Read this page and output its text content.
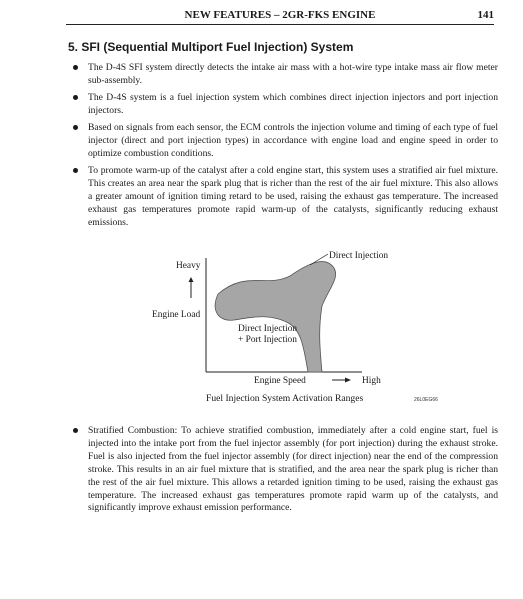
NEW FEATURES – 2GR-FKS ENGINE	141
5. SFI (Sequential Multiport Fuel Injection) System
The D-4S SFI system directly detects the intake air mass with a hot-wire type intake mass air flow meter sub-assembly.
The D-4S system is a fuel injection system which combines direct injection injectors and port injection injectors.
Based on signals from each sensor, the ECM controls the injection volume and timing of each type of fuel injector (direct and port injection types) in accordance with engine load and engine speed in order to optimize combustion conditions.
To promote warm-up of the catalyst after a cold engine start, this system uses a stratified air fuel mixture. This creates an area near the spark plug that is richer than the rest of the air fuel mixture. This also allows a greater amount of ignition timing retard to be used, raising the exhaust gas temperature. The increased exhaust gas temperatures promote rapid warm-up of the catalysts, significantly reducing exhaust emissions.
Direct Injection
Heavy
Engine Load
Direct Injection
+ Port Injection
Engine Speed	High
Fuel Injection System Activation Ranges	26L0EG66
Stratified Combustion: To achieve stratified combustion, immediately after a cold engine start, fuel is injected into the intake port from the fuel injector assembly (for port injection) during the exhaust stroke. Fuel is also injected from the fuel injector assembly (for direct injection) near the end of the compression stroke. This results in an air fuel mixture that is stratified, and the area near the spark plug is richer than the rest of the air fuel mixture. This allows a retarded ignition timing to be used, raising the exhaust gas temperature. The increased exhaust gas temperatures promote rapid warm up of the catalysts, and significantly improve exhaust emission performance.
